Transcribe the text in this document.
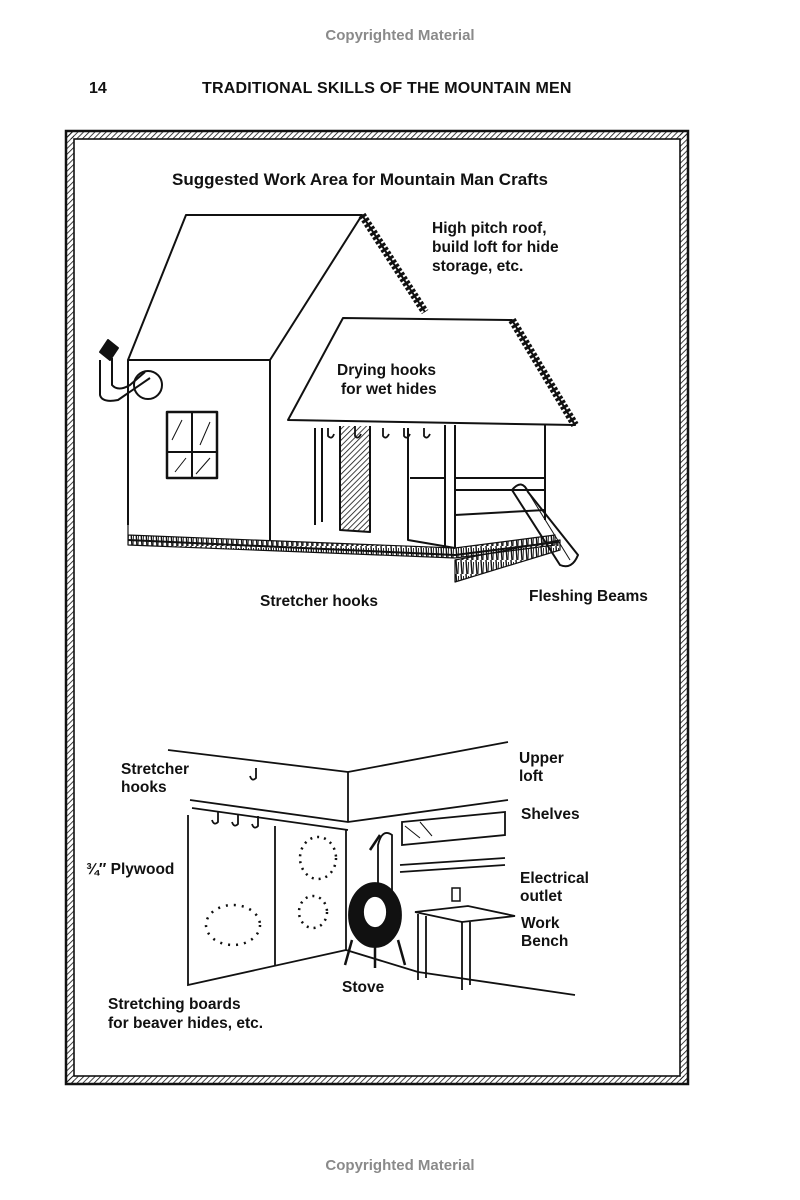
Copyrighted Material
14	TRADITIONAL SKILLS OF THE MOUNTAIN MEN
Suggested Work Area for Mountain Man Crafts
High pitch roof,
build loft for hide
storage, etc.
Drying hooks
for wet hides
Stretcher hooks	Fleshing Beams
Stretcher
hooks
¾″ Plywood
Stretching boards
for beaver hides, etc.
Stove
Upper
loft
Shelves
Electrical
outlet
Work
Bench
Copyrighted Material
